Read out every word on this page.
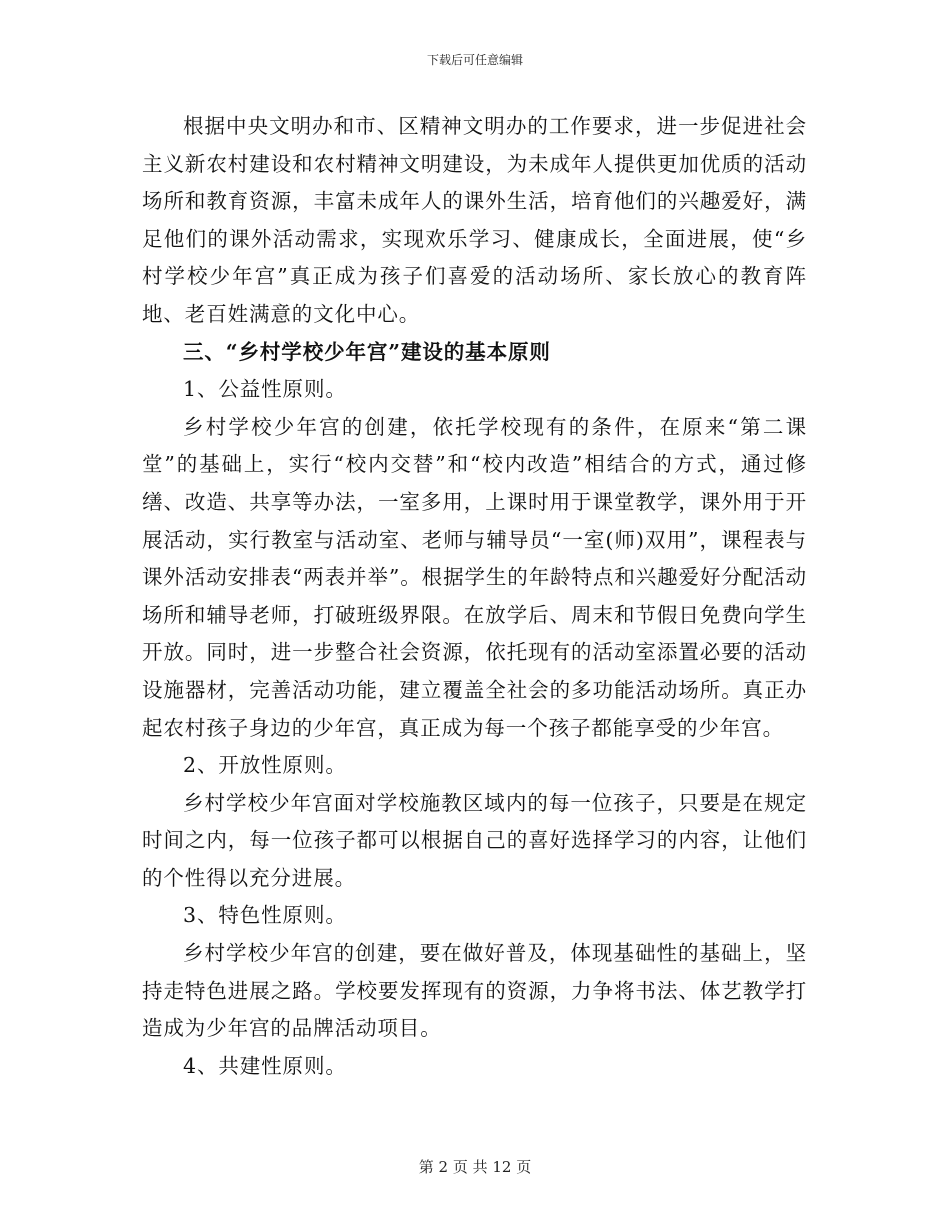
下载后可任意编辑

根据中央文明办和市、区精神文明办的工作要求，进一步促进社会主义新农村建设和农村精神文明建设，为未成年人提供更加优质的活动场所和教育资源，丰富未成年人的课外生活，培育他们的兴趣爱好，满足他们的课外活动需求，实现欢乐学习、健康成长，全面进展，使“乡村学校少年宫”真正成为孩子们喜爱的活动场所、家长放心的教育阵地、老百姓满意的文化中心。

三、“乡村学校少年宫”建设的基本原则

1、公益性原则。

乡村学校少年宫的创建，依托学校现有的条件，在原来“第二课堂”的基础上，实行“校内交替”和“校内改造”相结合的方式，通过修缮、改造、共享等办法，一室多用，上课时用于课堂教学，课外用于开展活动，实行教室与活动室、老师与辅导员“一室(师)双用”，课程表与课外活动安排表“两表并举”。根据学生的年龄特点和兴趣爱好分配活动场所和辅导老师，打破班级界限。在放学后、周末和节假日免费向学生开放。同时，进一步整合社会资源，依托现有的活动室添置必要的活动设施器材，完善活动功能，建立覆盖全社会的多功能活动场所。真正办起农村孩子身边的少年宫，真正成为每一个孩子都能享受的少年宫。

2、开放性原则。

乡村学校少年宫面对学校施教区域内的每一位孩子，只要是在规定时间之内，每一位孩子都可以根据自己的喜好选择学习的内容，让他们的个性得以充分进展。

3、特色性原则。

乡村学校少年宫的创建，要在做好普及，体现基础性的基础上，坚持走特色进展之路。学校要发挥现有的资源，力争将书法、体艺教学打造成为少年宫的品牌活动项目。

4、共建性原则。

第 2 页 共 12 页
